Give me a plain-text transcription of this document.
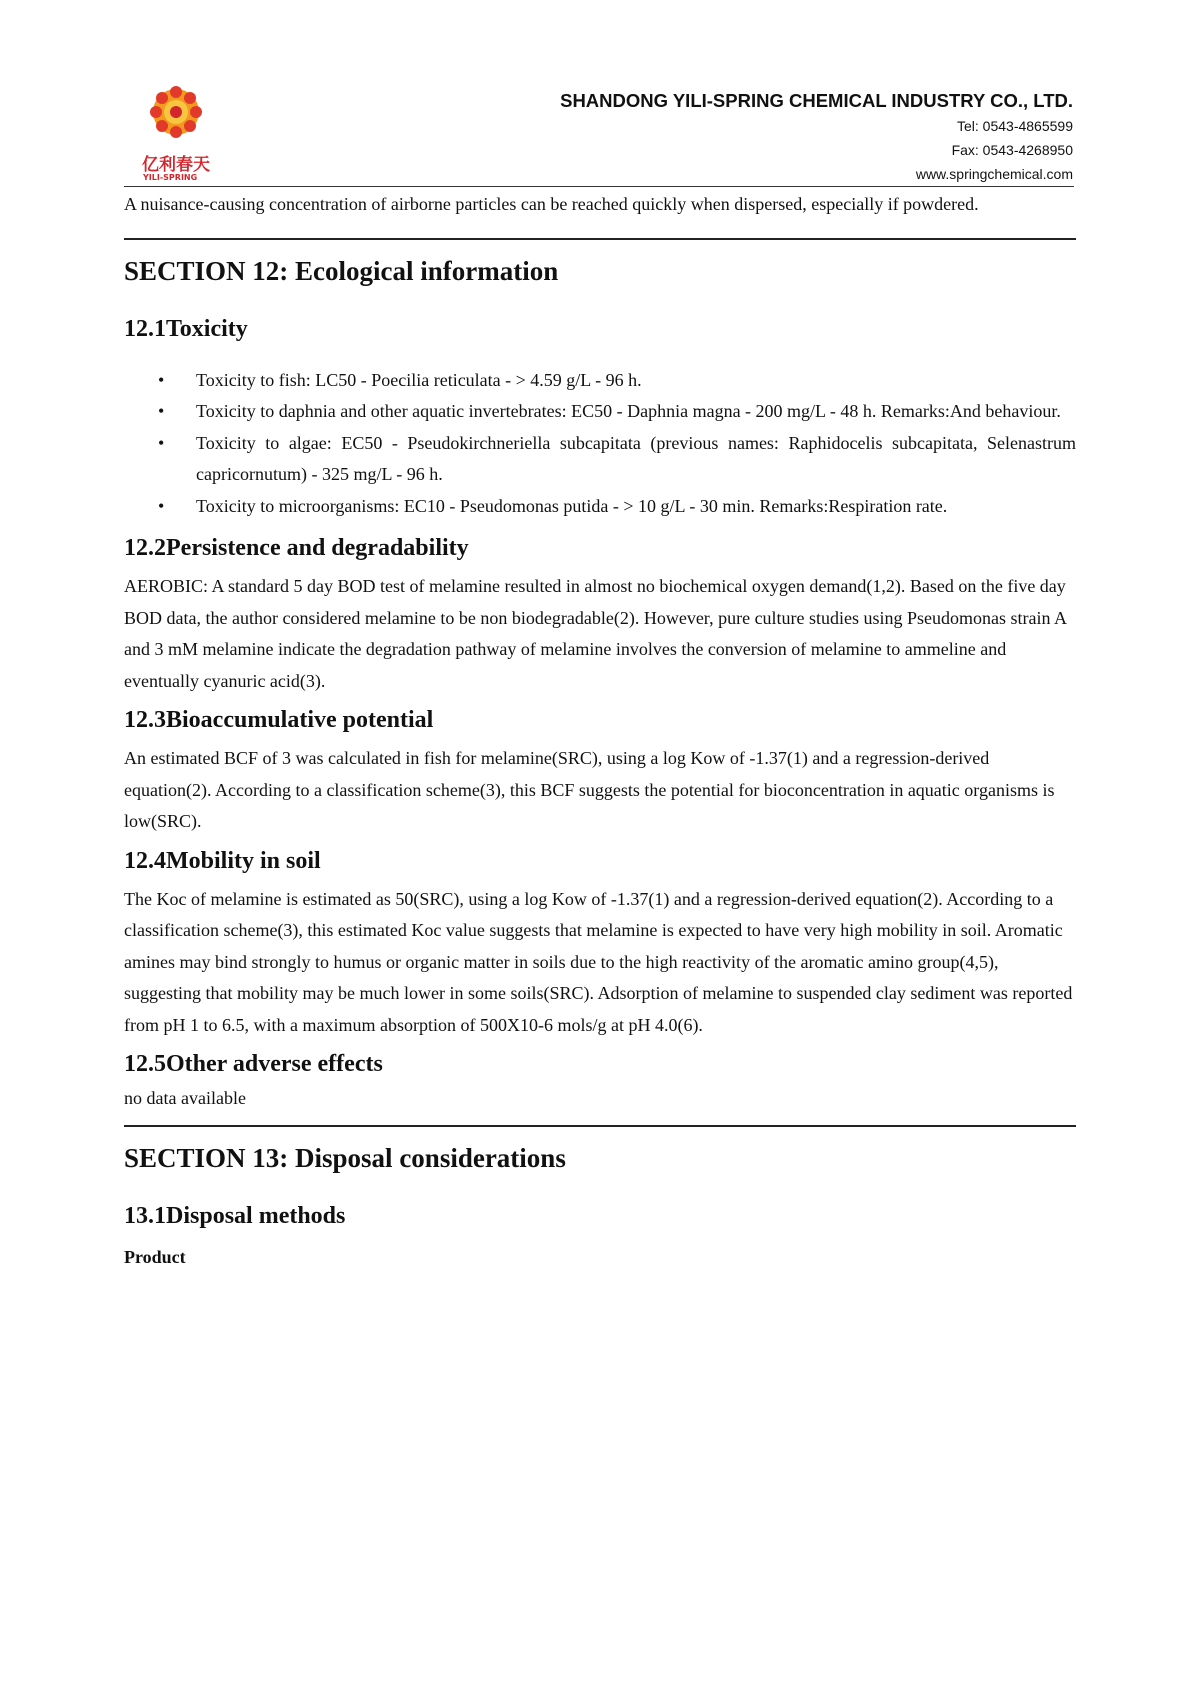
亿利春天
YILI-SPRING
SHANDONG YILI-SPRING CHEMICAL INDUSTRY CO., LTD.
Tel: 0543-4865599
Fax: 0543-4268950
www.springchemical.com

A nuisance-causing concentration of airborne particles can be reached quickly when dispersed, especially if powdered.

SECTION 12: Ecological information
12.1Toxicity
• Toxicity to fish: LC50 - Poecilia reticulata - > 4.59 g/L - 96 h.
• Toxicity to daphnia and other aquatic invertebrates: EC50 - Daphnia magna - 200 mg/L - 48 h. Remarks:And behaviour.
• Toxicity to algae: EC50 - Pseudokirchneriella subcapitata (previous names: Raphidocelis subcapitata, Selenastrum capricornutum) - 325 mg/L - 96 h.
• Toxicity to microorganisms: EC10 - Pseudomonas putida - > 10 g/L - 30 min. Remarks:Respiration rate.
12.2Persistence and degradability

AEROBIC: A standard 5 day BOD test of melamine resulted in almost no biochemical oxygen demand(1,2). Based on the five day BOD data, the author considered melamine to be non biodegradable(2). However, pure culture studies using Pseudomonas strain A and 3 mM melamine indicate the degradation pathway of melamine involves the conversion of melamine to ammeline and eventually cyanuric acid(3).

12.3Bioaccumulative potential

An estimated BCF of 3 was calculated in fish for melamine(SRC), using a log Kow of -1.37(1) and a regression-derived equation(2). According to a classification scheme(3), this BCF suggests the potential for bioconcentration in aquatic organisms is low(SRC).

12.4Mobility in soil

The Koc of melamine is estimated as 50(SRC), using a log Kow of -1.37(1) and a regression-derived equation(2). According to a classification scheme(3), this estimated Koc value suggests that melamine is expected to have very high mobility in soil. Aromatic amines may bind strongly to humus or organic matter in soils due to the high reactivity of the aromatic amino group(4,5), suggesting that mobility may be much lower in some soils(SRC). Adsorption of melamine to suspended clay sediment was reported from pH 1 to 6.5, with a maximum absorption of 500X10-6 mols/g at pH 4.0(6).

12.5Other adverse effects

no data available

SECTION 13: Disposal considerations
13.1Disposal methods
Product
